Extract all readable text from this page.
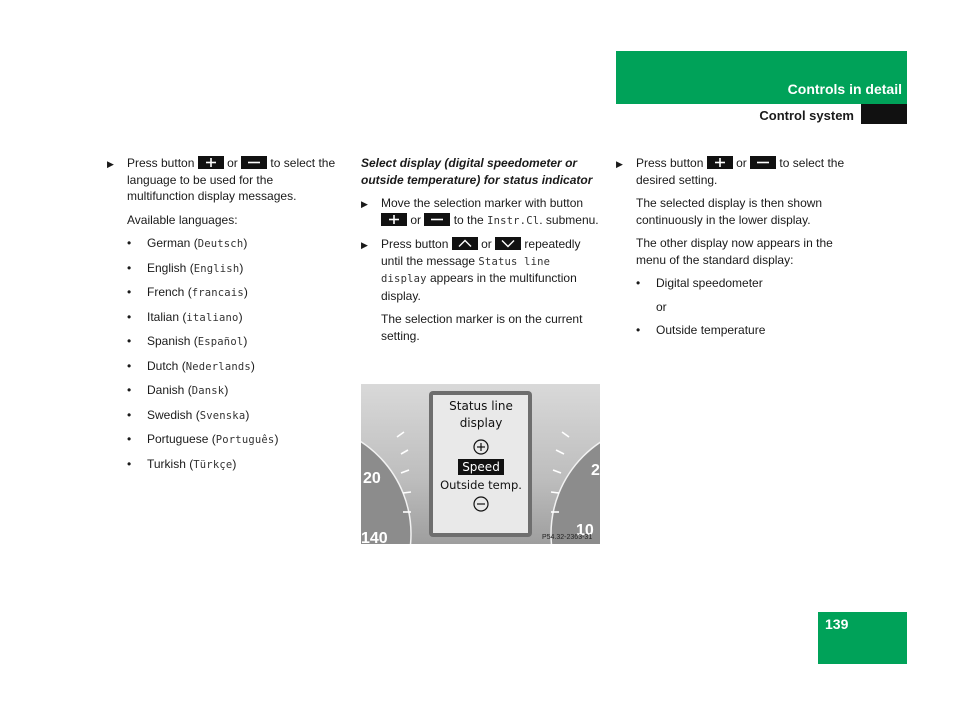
Controls in detail
Control system
▶ Press button	or	to select the language to be used for the multifunction display messages.
Available languages:
• German (Deutsch)
• English (English)
• French (francais)
• Italian (italiano)
• Spanish (Español)
• Dutch (Nederlands)
• Danish (Dansk)
• Swedish (Svenska)
• Portuguese (Português)
• Turkish (Türkçe)
Select display (digital speedometer or outside temperature) for status indicator
▶ Move the selection marker with button
or	to the Instr.Cl. submenu.
▶ Press button	or	repeatedly until the message Status line display appears in the multifunction display.
The selection marker is on the current setting.
20
140
2
10
Status line
display
Speed
Outside temp.
P54.32-2363-31
▶ Press button	or	to select the desired setting.
The selected display is then shown continuously in the lower display.
The other display now appears in the menu of the standard display:
• Digital speedometer
or
• Outside temperature
139
